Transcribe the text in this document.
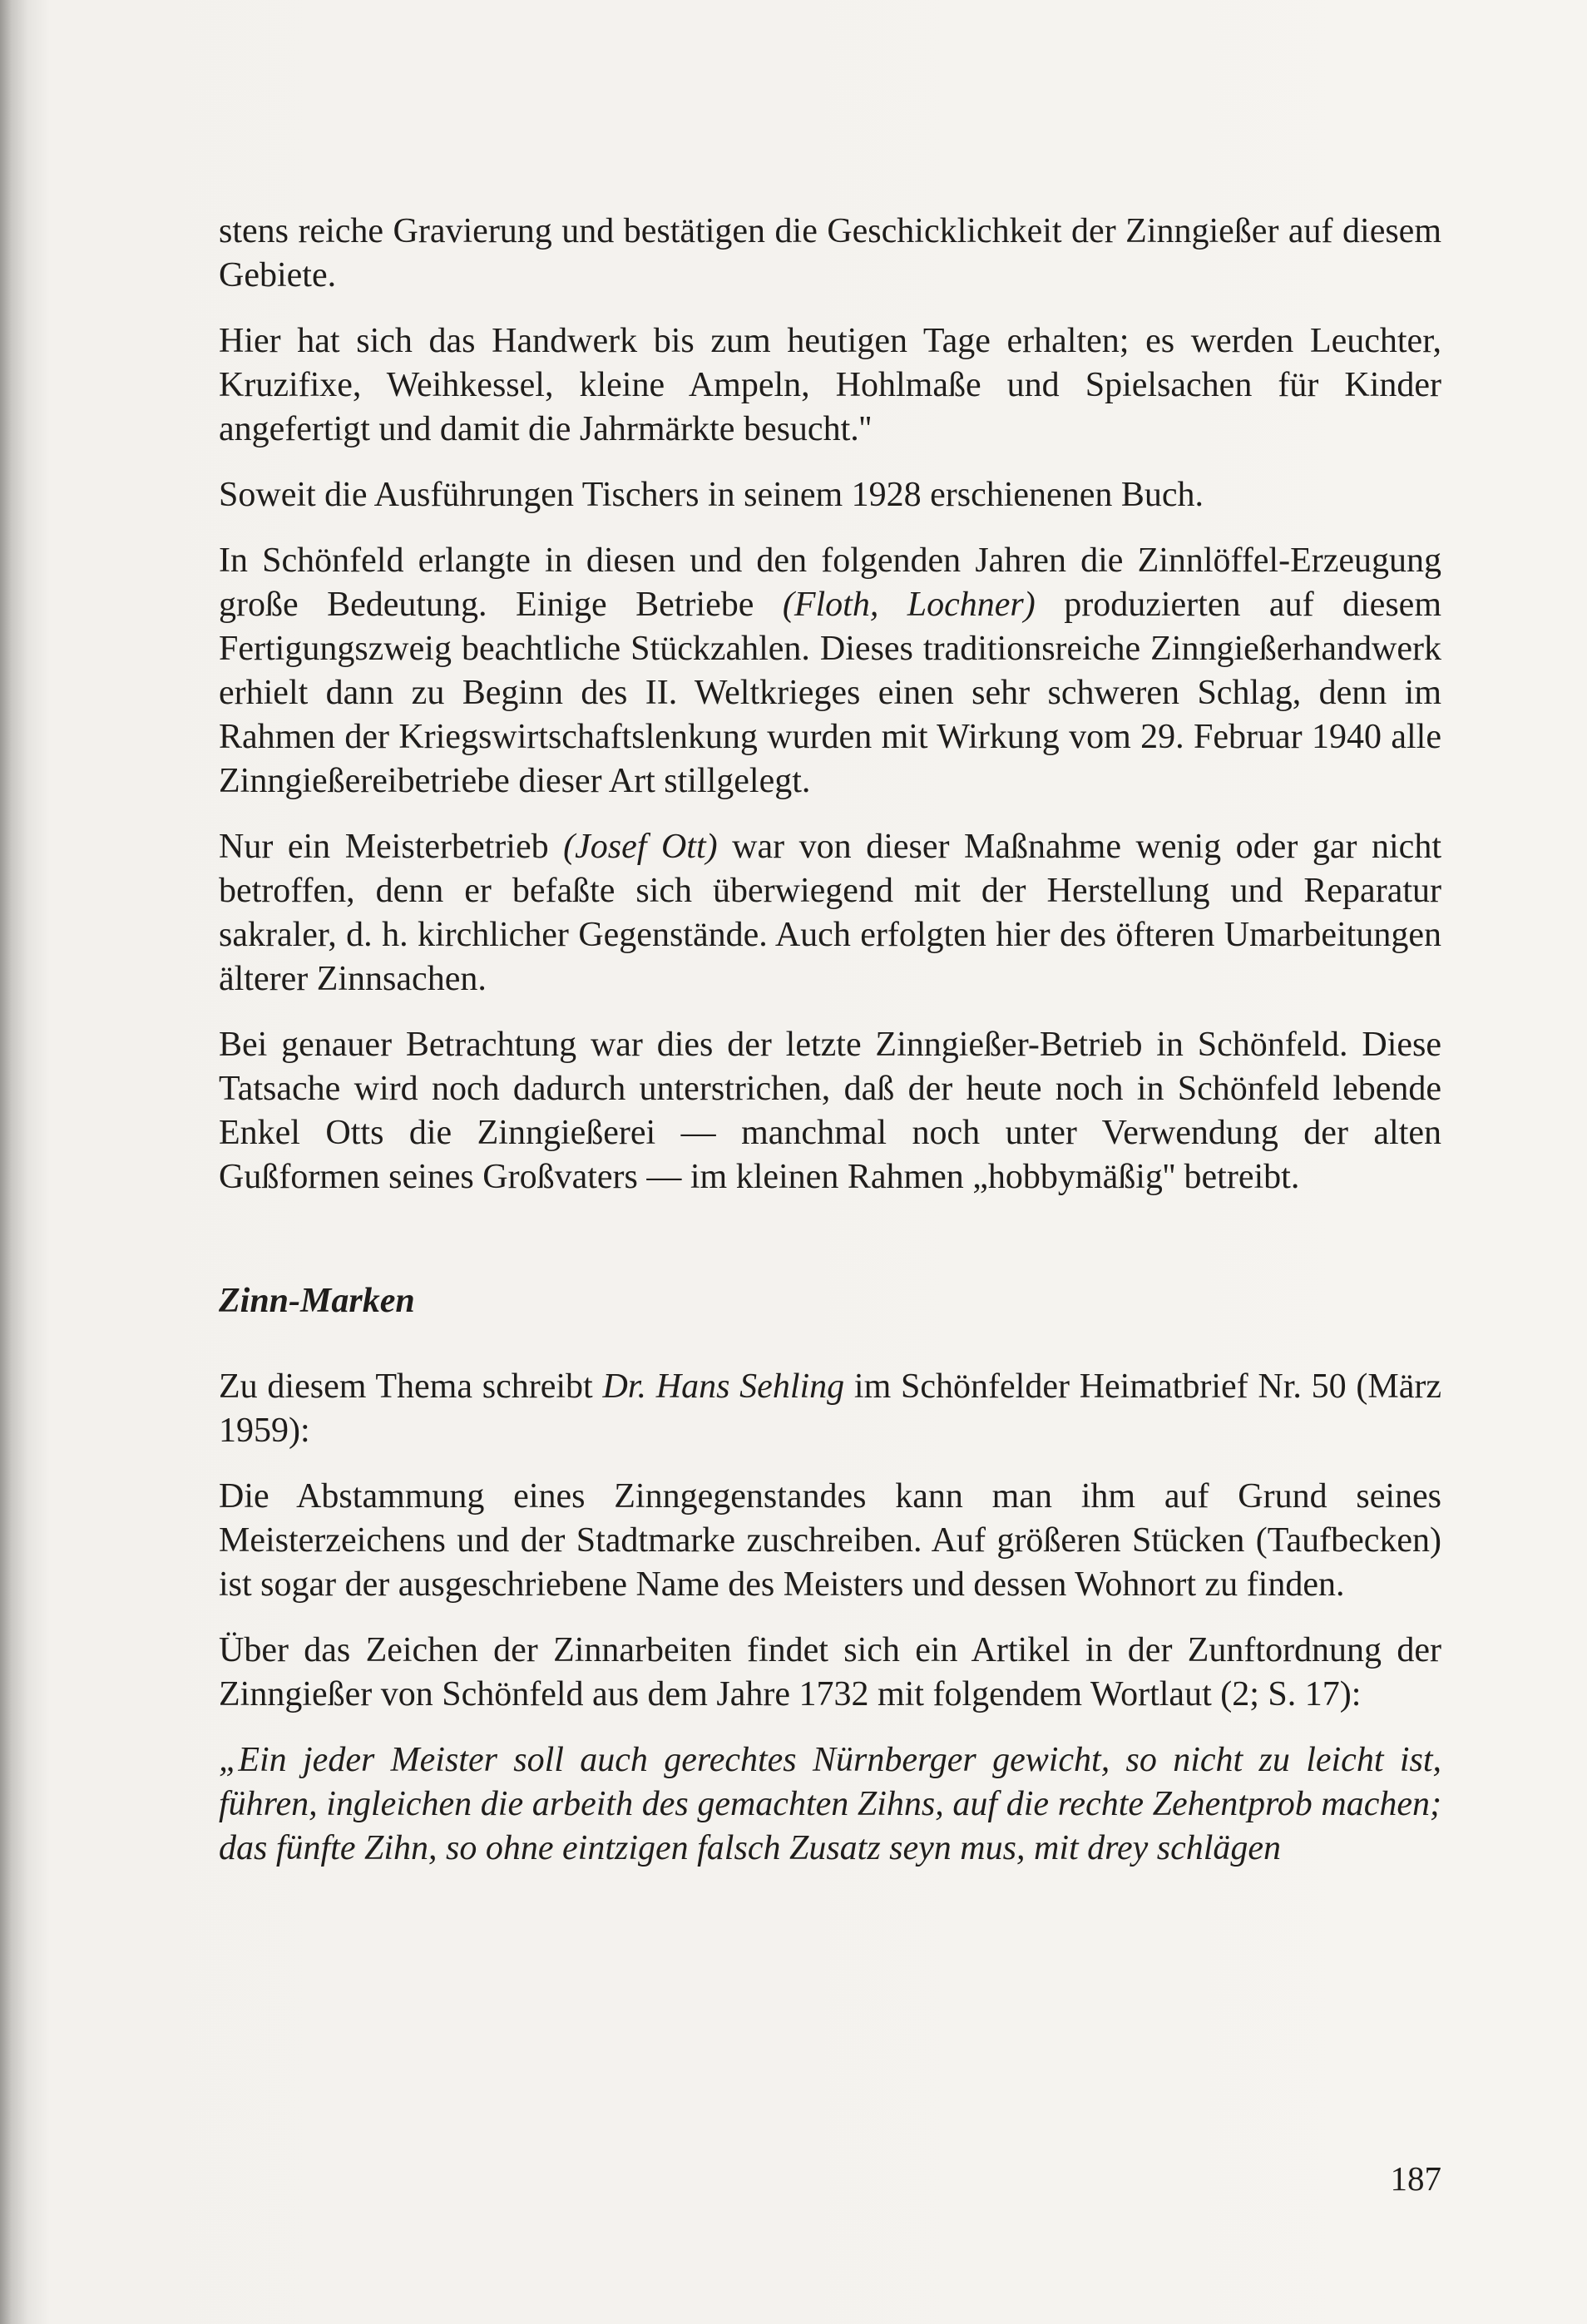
stens reiche Gravierung und bestätigen die Geschicklichkeit der Zinngießer auf diesem Gebiete.

Hier hat sich das Handwerk bis zum heutigen Tage erhalten; es werden Leuchter, Kruzifixe, Weihkessel, kleine Ampeln, Hohlmaße und Spielsachen für Kinder angefertigt und damit die Jahrmärkte besucht.''

Soweit die Ausführungen Tischers in seinem 1928 erschienenen Buch.

In Schönfeld erlangte in diesen und den folgenden Jahren die Zinnlöffel-Erzeugung große Bedeutung. Einige Betriebe (Floth, Lochner) produzierten auf diesem Fertigungszweig beachtliche Stückzahlen. Dieses traditionsreiche Zinngießerhandwerk erhielt dann zu Beginn des II. Weltkrieges einen sehr schweren Schlag, denn im Rahmen der Kriegswirtschaftslenkung wurden mit Wirkung vom 29. Februar 1940 alle Zinngießereibetriebe dieser Art stillgelegt.

Nur ein Meisterbetrieb (Josef Ott) war von dieser Maßnahme wenig oder gar nicht betroffen, denn er befaßte sich überwiegend mit der Herstellung und Reparatur sakraler, d. h. kirchlicher Gegenstände. Auch erfolgten hier des öfteren Umarbeitungen älterer Zinnsachen.

Bei genauer Betrachtung war dies der letzte Zinngießer-Betrieb in Schönfeld. Diese Tatsache wird noch dadurch unterstrichen, daß der heute noch in Schönfeld lebende Enkel Otts die Zinngießerei — manchmal noch unter Verwendung der alten Gußformen seines Großvaters — im kleinen Rahmen „hobbymäßig'' betreibt.

Zinn-Marken

Zu diesem Thema schreibt Dr. Hans Sehling im Schönfelder Heimatbrief Nr. 50 (März 1959):

Die Abstammung eines Zinngegenstandes kann man ihm auf Grund seines Meisterzeichens und der Stadtmarke zuschreiben. Auf größeren Stücken (Taufbecken) ist sogar der ausgeschriebene Name des Meisters und dessen Wohnort zu finden.

Über das Zeichen der Zinnarbeiten findet sich ein Artikel in der Zunftordnung der Zinngießer von Schönfeld aus dem Jahre 1732 mit folgendem Wortlaut (2; S. 17):

„Ein jeder Meister soll auch gerechtes Nürnberger gewicht, so nicht zu leicht ist, führen, ingleichen die arbeith des gemachten Zihns, auf die rechte Zehentprob machen; das fünfte Zihn, so ohne eintzigen falsch Zusatz seyn mus, mit drey schlägen

187
